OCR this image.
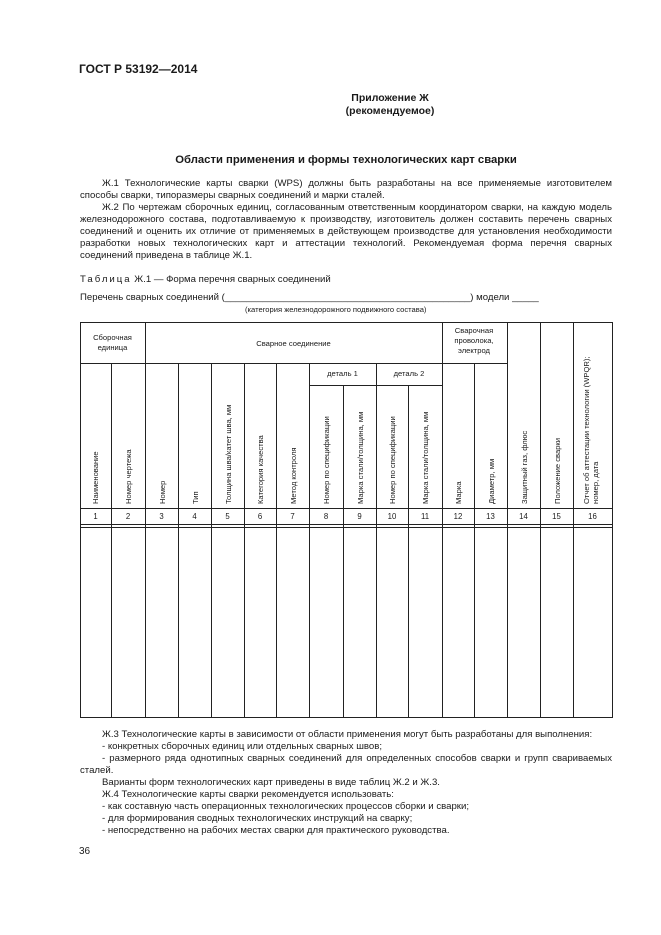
ГОСТ Р 53192—2014
Приложение Ж
(рекомендуемое)
Области применения и формы технологических карт сварки

Ж.1 Технологические карты сварки (WPS) должны быть разработаны на все применяемые изготовителем способы сварки, типоразмеры сварных соединений и марки сталей.

Ж.2 По чертежам сборочных единиц, согласованным ответственным координатором сварки, на каждую модель железнодорожного состава, подготавливаемую к производству, изготовитель должен составить перечень сварных соединений и оценить их отличие от применяемых в действующем производстве для установления необходимости разработки новых технологических карт и аттестации технологий. Рекомендуемая форма перечня сварных соединений приведена в таблице Ж.1.

Таблица Ж.1 — Форма перечня сварных соединений
Перечень сварных соединений (______________________________________________) модели _____
(категория железнодорожного подвижного состава)
Сборочная единица	Сварное соединение
Сварочная проволока, электрод
деталь 1	деталь 2
Наименование	Номер чертежа	Номер	Тип	Толщина шва/катет шва, мм	Категория качества	Метод контроля	Номер по спецификации	Марка стали/толщина, мм	Номер по спецификации	Марка стали/толщина, мм	Марка	Диаметр, мм	Защитный газ, флюс	Положение сварки	Отчет об аттестации технологии (WPQR); номер, дата
1	2	3	4	5	6	7	8	9	10	11	12	13	14	15	16

Ж.3 Технологические карты в зависимости от области применения могут быть разработаны для выполнения:

- конкретных сборочных единиц или отдельных сварных швов;

- размерного ряда однотипных сварных соединений для определенных способов сварки и групп свариваемых сталей.

Варианты форм технологических карт приведены в виде таблиц Ж.2 и Ж.3.

Ж.4 Технологические карты сварки рекомендуется использовать:

- как составную часть операционных технологических процессов сборки и сварки;

- для формирования сводных технологических инструкций на сварку;

- непосредственно на рабочих местах сварки для практического руководства.

36
